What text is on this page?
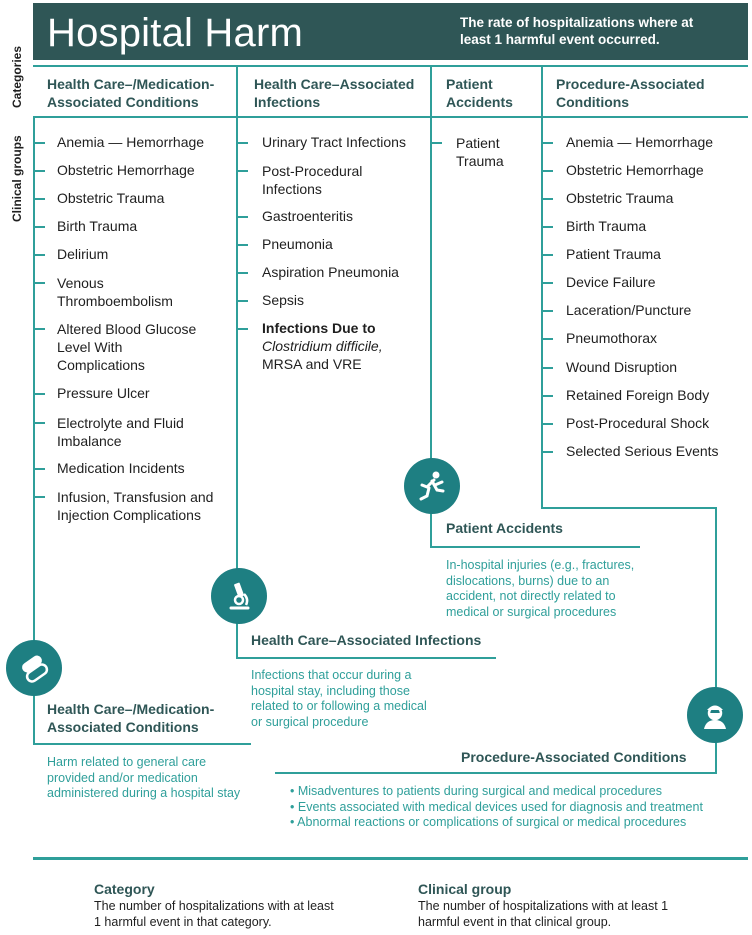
Hospital Harm	The rate of hospitalizations where at least 1 harmful event occurred.
Categories
Clinical groups
Health Care–/Medication-Associated Conditions
Health Care–Associated Infections
Patient Accidents
Procedure-Associated Conditions
Anemia — Hemorrhage
Obstetric Hemorrhage
Obstetric Trauma
Birth Trauma
Delirium
Venous Thromboembolism
Altered Blood Glucose Level With Complications
Pressure Ulcer
Electrolyte and Fluid Imbalance
Medication Incidents
Infusion, Transfusion and Injection Complications
Urinary Tract Infections
Post-Procedural Infections
Gastroenteritis
Pneumonia
Aspiration Pneumonia
Sepsis
Infections Due to
Clostridium difficile,
MRSA and VRE
Patient Trauma
Anemia — Hemorrhage
Obstetric Hemorrhage
Obstetric Trauma
Birth Trauma
Patient Trauma
Device Failure
Laceration/Puncture
Pneumothorax
Wound Disruption
Retained Foreign Body
Post-Procedural Shock
Selected Serious Events
Patient Accidents
In-hospital injuries (e.g., fractures, dislocations, burns) due to an accident, not directly related to medical or surgical procedures
Health Care–Associated Infections
Infections that occur during a hospital stay, including those related to or following a medical or surgical procedure
Health Care–/Medication-Associated Conditions
Harm related to general care provided and/or medication administered during a hospital stay
Procedure-Associated Conditions
• Misadventures to patients during surgical and medical procedures
• Events associated with medical devices used for diagnosis and treatment
• Abnormal reactions or complications of surgical or medical procedures
Category
The number of hospitalizations with at least 1 harmful event in that category.
Clinical group
The number of hospitalizations with at least 1 harmful event in that clinical group.
